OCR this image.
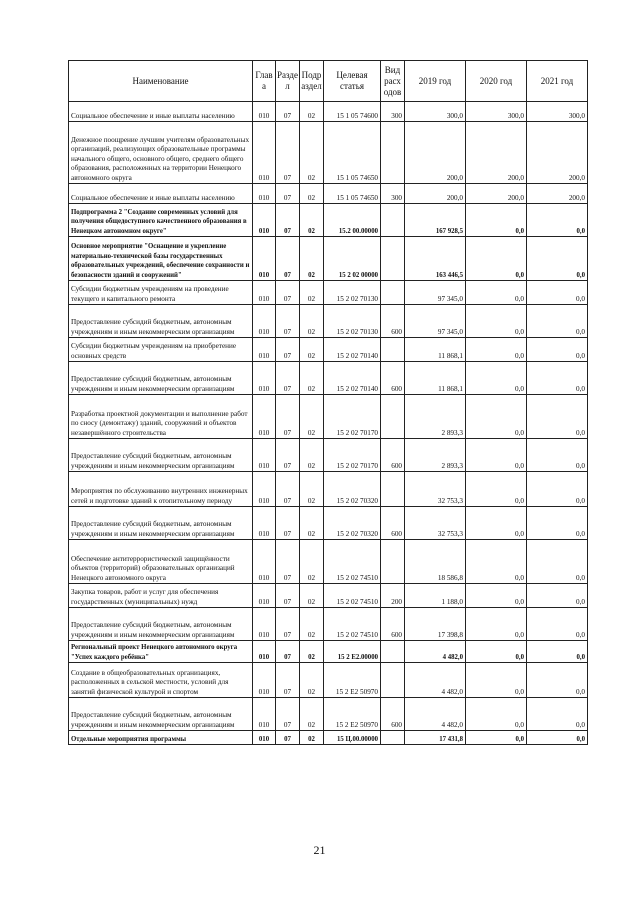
Наименование	Глав а	Разде л	Подр аздел	Целевая статья	Вид расх одов	2019 год	2020 год	2021 год
Социальное обеспечение и иные выплаты населению	010	07	02	15 1 05 74600	300	300,0	300,0	300,0
Денежное поощрение лучшим учителям образовательных организаций, реализующих образовательные программы начального общего, основного общего, среднего общего образования, расположенных на территории Ненецкого автономного округа	010	07	02	15 1 05 74650		200,0	200,0	200,0
Социальное обеспечение и иные выплаты населению	010	07	02	15 1 05 74650	300	200,0	200,0	200,0
Подпрограмма 2 "Создание современных условий для получения общедоступного качественного образования в Ненецком автономном округе"	010	07	02	15.2 00.00000		167 928,5	0,0	0,0
Основное мероприятие "Оснащение и укрепление материально-технической базы государственных образовательных учреждений, обеспечение сохранности и безопасности зданий и сооружений"	010	07	02	15 2 02 00000		163 446,5	0,0	0,0
Субсидии бюджетным учреждениям на проведение текущего и капитального ремонта	010	07	02	15 2 02 70130		97 345,0	0,0	0,0
Предоставление субсидий бюджетным, автономным учреждениям и иным некоммерческим организациям	010	07	02	15 2 02 70130	600	97 345,0	0,0	0,0
Субсидии бюджетным учреждениям на приобретение основных средств	010	07	02	15 2 02 70140		11 868,1	0,0	0,0
Предоставление субсидий бюджетным, автономным учреждениям и иным некоммерческим организациям	010	07	02	15 2 02 70140	600	11 868,1	0,0	0,0
Разработка проектной документации и выполнение работ по сносу (демонтажу) зданий, сооружений и объектов незавершённого строительства	010	07	02	15 2 02 70170		2 893,3	0,0	0,0
Предоставление субсидий бюджетным, автономным учреждениям и иным некоммерческим организациям	010	07	02	15 2 02 70170	600	2 893,3	0,0	0,0
Мероприятия по обслуживанию внутренних инженерных сетей и подготовке зданий к отопительному периоду	010	07	02	15 2 02 70320		32 753,3	0,0	0,0
Предоставление субсидий бюджетным, автономным учреждениям и иным некоммерческим организациям	010	07	02	15 2 02 70320	600	32 753,3	0,0	0,0
Обеспечение антитеррористической защищённости объектов (территорий) образовательных организаций Ненецкого автономного округа	010	07	02	15 2 02 74510		18 586,8	0,0	0,0
Закупка товаров, работ и услуг для обеспечения государственных (муниципальных) нужд	010	07	02	15 2 02 74510	200	1 188,0	0,0	0,0
Предоставление субсидий бюджетным, автономным учреждениям и иным некоммерческим организациям	010	07	02	15 2 02 74510	600	17 398,8	0,0	0,0
Региональный проект Ненецкого автономного округа "Успех каждого ребёнка"	010	07	02	15 2 Е2.00000		4 482,0	0,0	0,0
Создание в общеобразовательных организациях, расположенных в сельской местности, условий для занятий физической культурой и спортом	010	07	02	15 2 Е2 50970		4 482,0	0,0	0,0
Предоставление субсидий бюджетным, автономным учреждениям и иным некоммерческим организациям	010	07	02	15 2 Е2 50970	600	4 482,0	0,0	0,0
Отдельные мероприятия программы	010	07	02	15 Ц.00.00000		17 431,8	0,0	0,0
21
